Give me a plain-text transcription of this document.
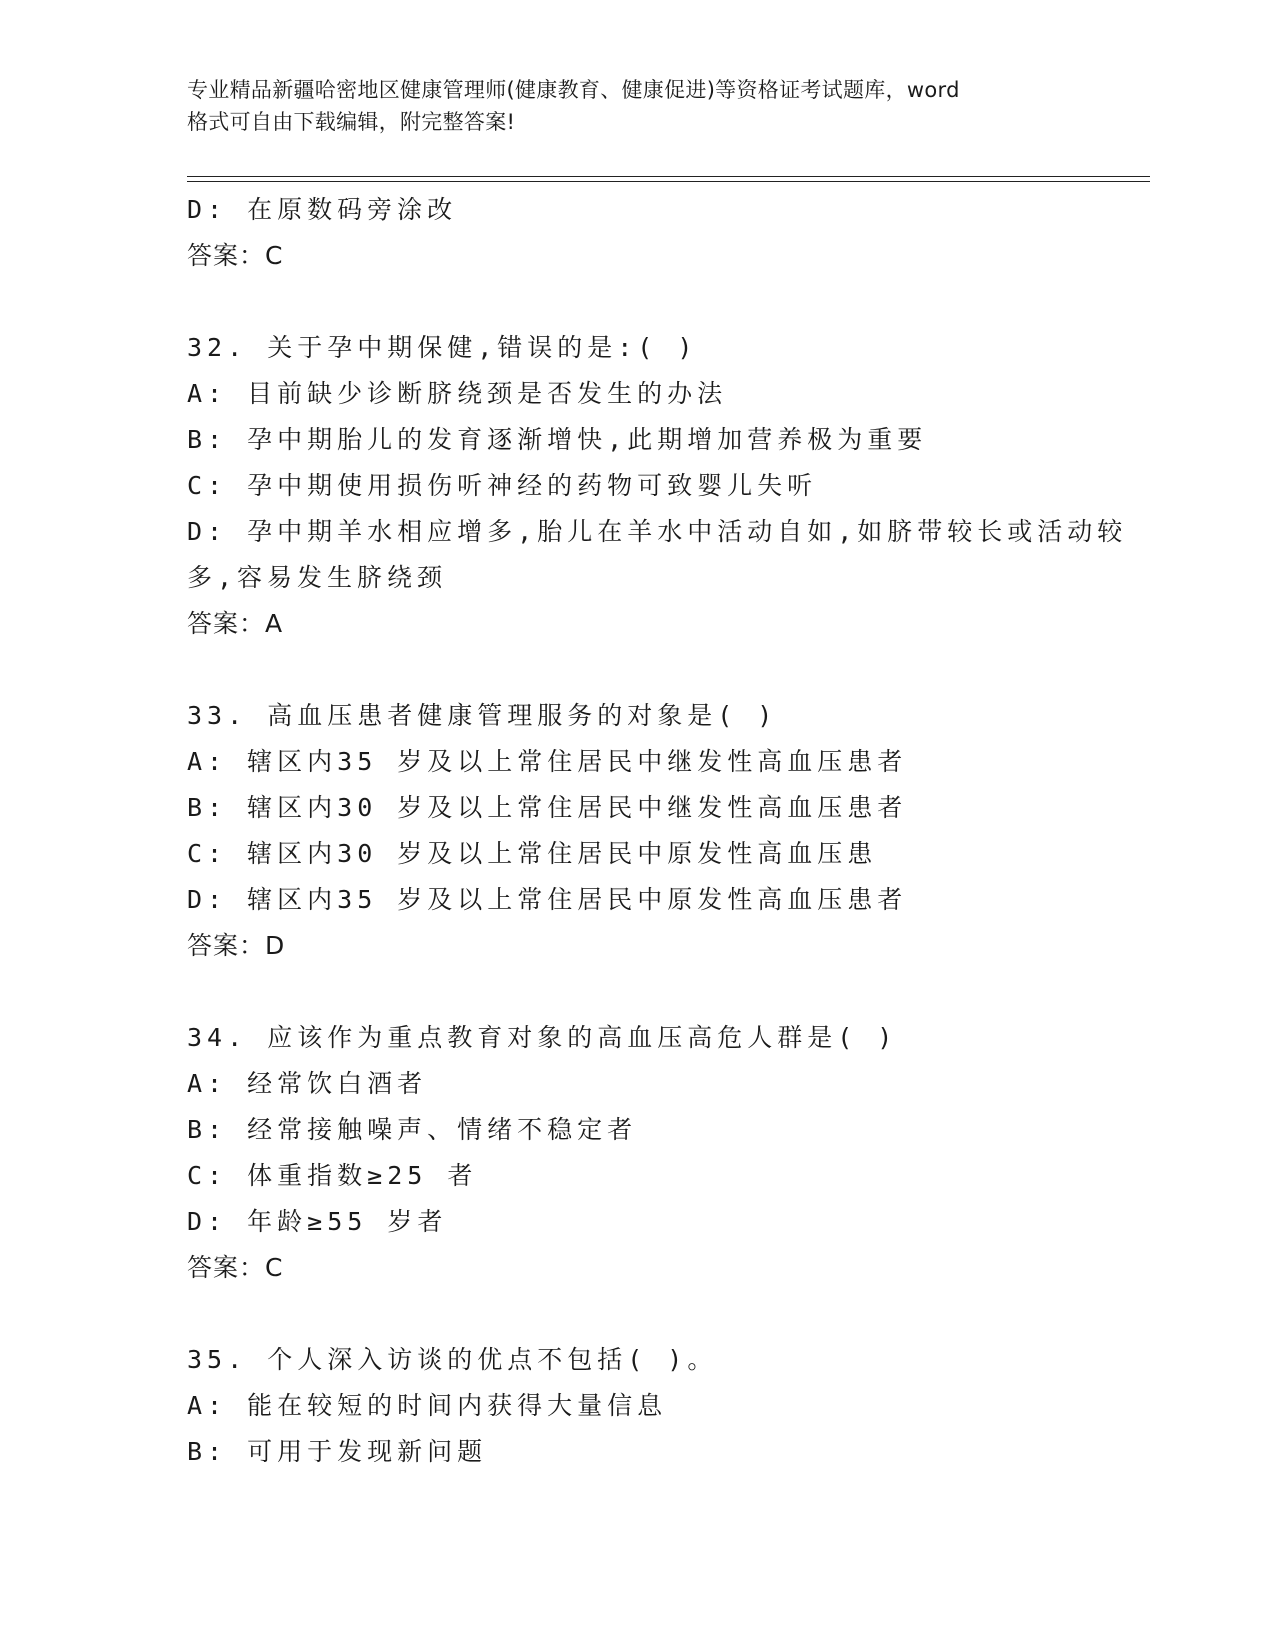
专业精品新疆哈密地区健康管理师(健康教育、健康促进)等资格证考试题库，word
格式可自由下载编辑，附完整答案!
D: 在原数码旁涂改
答案：C
32. 关于孕中期保健,错误的是:( )
A: 目前缺少诊断脐绕颈是否发生的办法
B: 孕中期胎儿的发育逐渐增快,此期增加营养极为重要
C: 孕中期使用损伤听神经的药物可致婴儿失听
D: 孕中期羊水相应增多,胎儿在羊水中活动自如,如脐带较长或活动较
多,容易发生脐绕颈
答案：A
33. 高血压患者健康管理服务的对象是( )
A: 辖区内35 岁及以上常住居民中继发性高血压患者
B: 辖区内30 岁及以上常住居民中继发性高血压患者
C: 辖区内30 岁及以上常住居民中原发性高血压患
D: 辖区内35 岁及以上常住居民中原发性高血压患者
答案：D
34. 应该作为重点教育对象的高血压高危人群是( )
A: 经常饮白酒者
B: 经常接触噪声、情绪不稳定者
C: 体重指数≥25 者
D: 年龄≥55 岁者
答案：C
35. 个人深入访谈的优点不包括( )。
A: 能在较短的时间内获得大量信息
B: 可用于发现新问题
